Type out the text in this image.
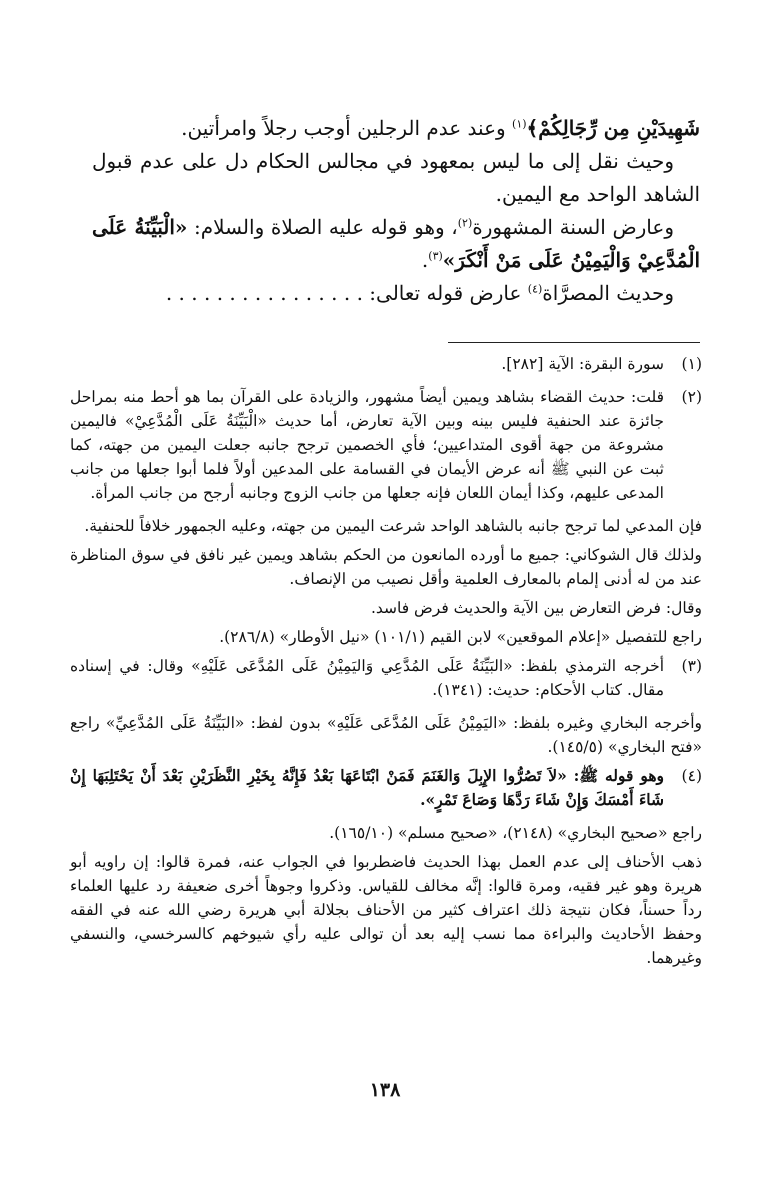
شَهِيدَيْنِ مِن رِّجَالِكُمْ﴾$^{(١)}$ وعند عدم الرجلين أوجب رجلاً وامرأتين.

وحيث نقل إلى ما ليس بمعهود في مجالس الحكام دل على عدم قبول الشاهد الواحد مع اليمين.

وعارض السنة المشهورة$^{(٢)}$، وهو قوله عليه الصلاة والسلام: «الْبَيِّنَةُ عَلَى الْمُدَّعِيْ وَالْيَمِيْنُ عَلَى مَنْ أَنْكَرَ»$^{(٣)}$.

وحديث المصرَّاة$^{(٤)}$ عارض قوله تعالى: . . . . . . . . . . . . . . . .

(١)

سورة البقرة: الآية [٢٨٢].

(٢)

قلت: حديث القضاء بشاهد ويمين أيضاً مشهور، والزيادة على القرآن بما هو أحط منه بمراحل جائزة عند الحنفية فليس بينه وبين الآية تعارض، أما حديث «الْبَيِّنَةُ عَلَى الْمُدَّعِيْ» فاليمين مشروعة من جهة أقوى المتداعيين؛ فأي الخصمين ترجح جانبه جعلت اليمين من جهته، كما ثبت عن النبي ﷺ أنه عرض الأيمان في القسامة على المدعين أولاً فلما أبوا جعلها من جانب المدعى عليهم، وكذا أيمان اللعان فإنه جعلها من جانب الزوج وجانبه أرجح من جانب المرأة.

فإن المدعي لما ترجح جانبه بالشاهد الواحد شرعت اليمين من جهته، وعليه الجمهور خلافاً للحنفية.

ولذلك قال الشوكاني: جميع ما أورده المانعون من الحكم بشاهد ويمين غير نافق في سوق المناظرة عند من له أدنى إلمام بالمعارف العلمية وأقل نصيب من الإنصاف.

وقال: فرض التعارض بين الآية والحديث فرض فاسد.

راجع للتفصيل «إعلام الموقعين» لابن القيم (١٠١/١) «نيل الأوطار» (٢٨٦/٨).

(٣)

أخرجه الترمذي بلفظ: «البَيِّنَةُ عَلَى المُدَّعِي وَاليَمِيْنُ عَلَى المُدَّعَى عَلَيْهِ» وقال: في إسناده مقال. كتاب الأحكام: حديث: (١٣٤١).

وأخرجه البخاري وغيره بلفظ: «اليَمِيْنُ عَلَى المُدَّعَى عَلَيْهِ» بدون لفظ: «البَيِّنَةُ عَلَى المُدَّعِيِّ» راجع «فتح البخاري» (١٤٥/٥).

(٤)

وهو قوله ﷺ: «لاَ تَصُرُّوا الإِبِلَ وَالغَنَمَ فَمَنْ ابْتَاعَهَا بَعْدُ فَإِنَّهُ بِخَيْرِ النَّظَرَيْنِ بَعْدَ أَنْ يَحْتَلِبَهَا إِنْ شَاءَ أَمْسَكَ وَإِنْ شَاءَ رَدَّهَا وَصَاعَ تَمْرٍ».

راجع «صحيح البخاري» (٢١٤٨)، «صحيح مسلم» (١٦٥/١٠).

ذهب الأحناف إلى عدم العمل بهذا الحديث فاضطربوا في الجواب عنه، فمرة قالوا: إن راويه أبو هريرة وهو غير فقيه، ومرة قالوا: إنَّه مخالف للقياس. وذكروا وجوهاً أخرى ضعيفة رد عليها العلماء رداً حسناً، فكان نتيجة ذلك اعتراف كثير من الأحناف بجلالة أبي هريرة رضي الله عنه في الفقه وحفظ الأحاديث والبراءة مما نسب إليه بعد أن توالى عليه رأي شيوخهم كالسرخسي، والنسفي وغيرهما.

١٣٨
